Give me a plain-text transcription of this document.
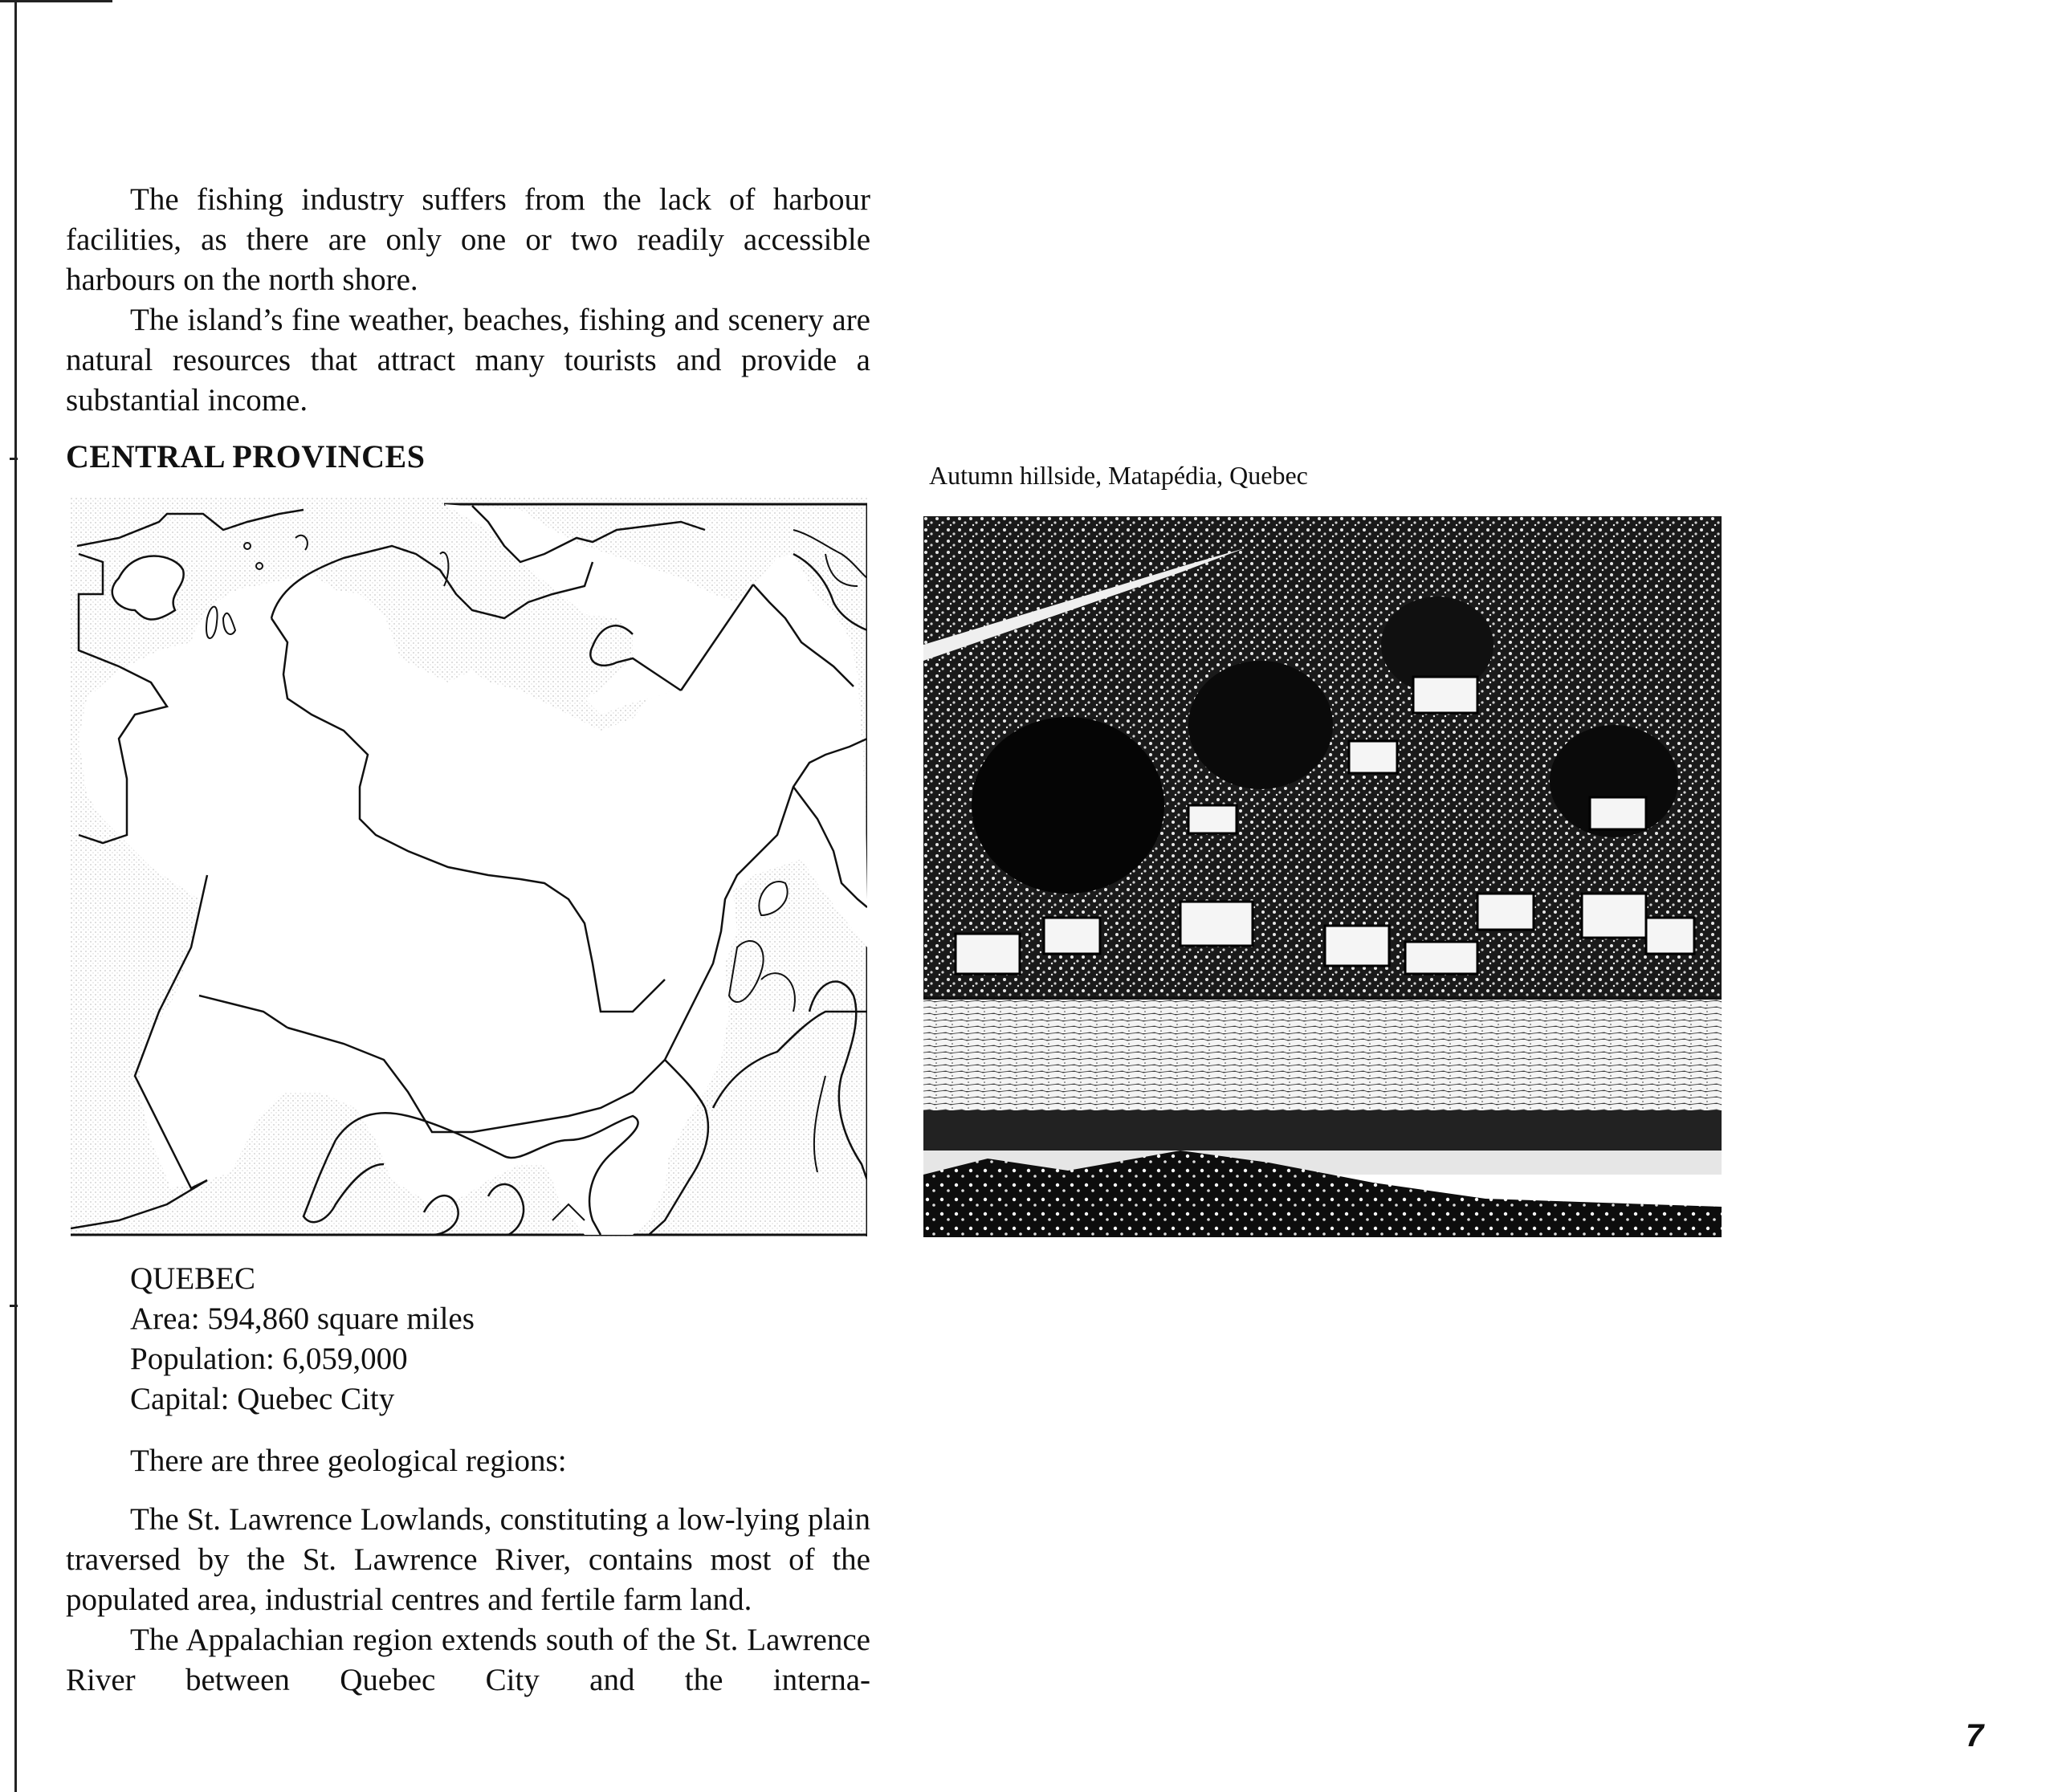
The fishing industry suffers from the lack of harbour facilities, as there are only one or two readily accessible harbours on the north shore.

The island’s fine weather, beaches, fishing and scenery are natural resources that attract many tourists and provide a substantial income.

CENTRAL PROVINCES
Autumn hillside, Matapédia, Quebec
QUEBEC
Area: 594,860 square miles
Population: 6,059,000
Capital: Quebec City
There are three geological regions:

The St. Lawrence Lowlands, constituting a low-lying plain traversed by the St. Lawrence River, contains most of the populated area, industrial centres and fertile farm land.

The Appalachian region extends south of the St. Lawrence River between Quebec City and the interna-

7
